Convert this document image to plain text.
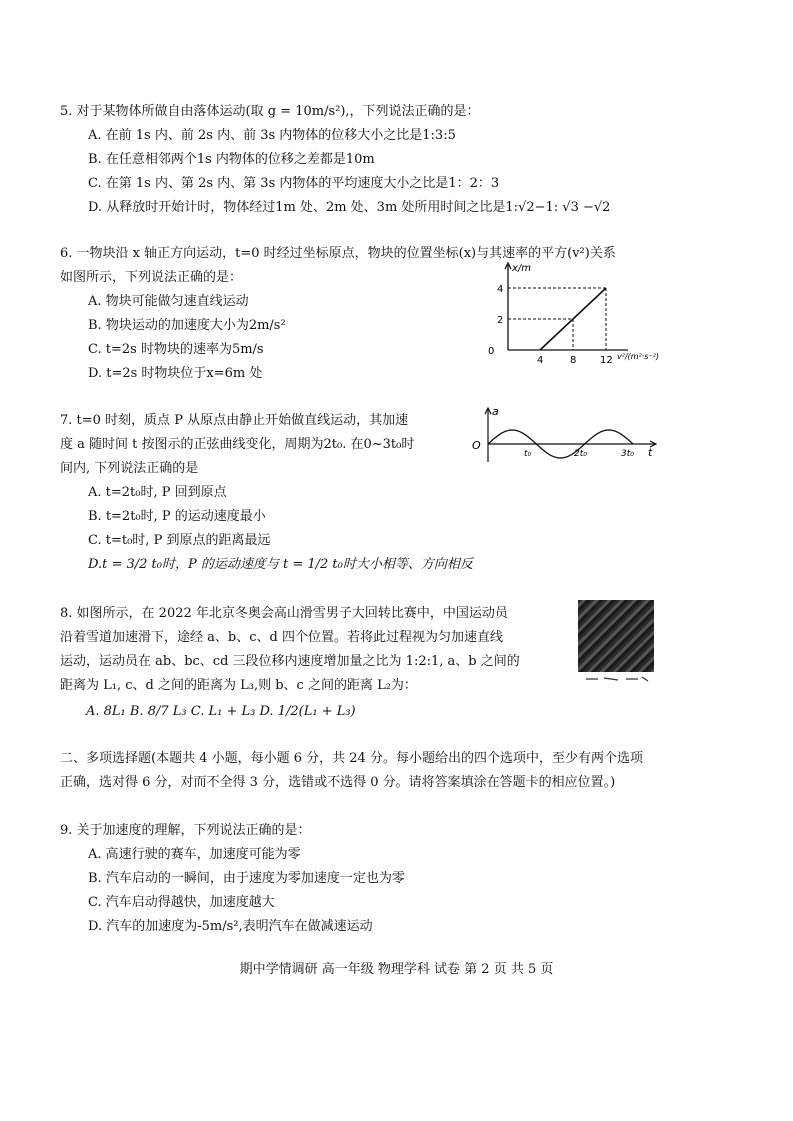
5. 对于某物体所做自由落体运动(取 g = 10m/s²),，下列说法正确的是：
A. 在前 1s 内、前 2s 内、前 3s 内物体的位移大小之比是1:3:5
B. 在任意相邻两个1s 内物体的位移之差都是10m
C. 在第 1s 内、第 2s 内、第 3s 内物体的平均速度大小之比是1：2：3
D. 从释放时开始计时，物体经过1m 处、2m 处、3m 处所用时间之比是1:√2−1: √3 −√2
6. 一物块沿 x 轴正方向运动，t=0 时经过坐标原点，物块的位置坐标(x)与其速率的平方(v²)关系
如图所示，下列说法正确的是：
A. 物块可能做匀速直线运动
B. 物块运动的加速度大小为2m/s²
C. t=2s 时物块的速率为5m/s
D. t=2s 时物块位于x=6m 处
x/m
0
2
4
4	8 12 v²/(m²·s⁻²)
7. t=0 时刻，质点 P 从原点由静止开始做直线运动，其加速
度 a 随时间 t 按图示的正弦曲线变化，周期为2t₀. 在0~3t₀时
间内, 下列说法正确的是
A. t=2t₀时, P 回到原点
B. t=2t₀时, P 的运动速度最小
C. t=t₀时, P 到原点的距离最远
D.t = 3/2 t₀时，P 的运动速度与 t = 1/2 t₀时大小相等、方向相反
a
O
t
t₀	2t₀	3t₀
8. 如图所示，在 2022 年北京冬奥会高山滑雪男子大回转比赛中，中国运动员
沿着雪道加速滑下，途经 a、b、c、d 四个位置。若将此过程视为匀加速直线
运动，运动员在 ab、bc、cd 三段位移内速度增加量之比为 1:2:1, a、b 之间的
距离为 L₁, c、d 之间的距离为 L₃,则 b、c 之间的距离 L₂为：
A. 8L₁ B. 8/7 L₃ C. L₁ + L₃ D. 1/2(L₁ + L₃)
二、多项选择题(本题共 4 小题，每小题 6 分，共 24 分。每小题给出的四个选项中，至少有两个选项
正确，选对得 6 分，对而不全得 3 分，选错或不选得 0 分。请将答案填涂在答题卡的相应位置。)
9. 关于加速度的理解，下列说法正确的是：
A. 高速行驶的赛车，加速度可能为零
B. 汽车启动的一瞬间，由于速度为零加速度一定也为零
C. 汽车启动得越快，加速度越大
D. 汽车的加速度为-5m/s²,表明汽车在做减速运动
期中学情调研 高一年级 物理学科 试卷 第 2 页 共 5 页
